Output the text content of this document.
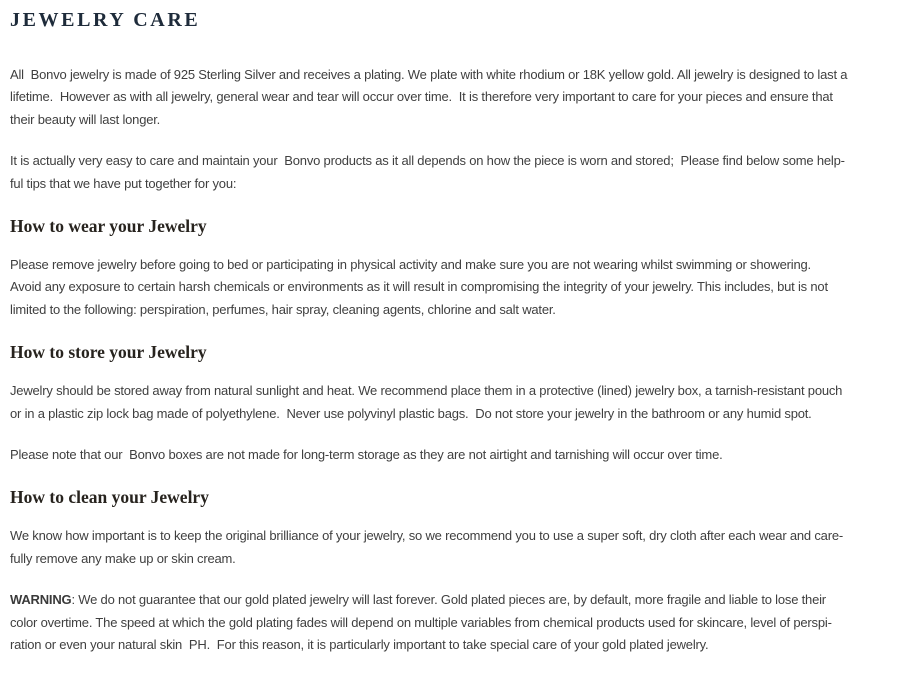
JEWELRY CARE
All  Bonvo jewelry is made of 925 Sterling Silver and receives a plating. We plate with white rhodium or 18K yellow gold. All jewelry is designed to last a
lifetime.  However as with all jewelry, general wear and tear will occur over time.  It is therefore very important to care for your pieces and ensure that
their beauty will last longer.
It is actually very easy to care and maintain your  Bonvo products as it all depends on how the piece is worn and stored;  Please find below some help-
ful tips that we have put together for you:
How to wear your Jewelry
Please remove jewelry before going to bed or participating in physical activity and make sure you are not wearing whilst swimming or showering.
Avoid any exposure to certain harsh chemicals or environments as it will result in compromising the integrity of your jewelry. This includes, but is not
limited to the following: perspiration, perfumes, hair spray, cleaning agents, chlorine and salt water.
How to store your Jewelry
Jewelry should be stored away from natural sunlight and heat. We recommend place them in a protective (lined) jewelry box, a tarnish-resistant pouch
or in a plastic zip lock bag made of polyethylene.  Never use polyvinyl plastic bags.  Do not store your jewelry in the bathroom or any humid spot.
Please note that our  Bonvo boxes are not made for long-term storage as they are not airtight and tarnishing will occur over time.
How to clean your Jewelry
We know how important is to keep the original brilliance of your jewelry, so we recommend you to use a super soft, dry cloth after each wear and care-
fully remove any make up or skin cream.
WARNING: We do not guarantee that our gold plated jewelry will last forever. Gold plated pieces are, by default, more fragile and liable to lose their
color overtime. The speed at which the gold plating fades will depend on multiple variables from chemical products used for skincare, level of perspi-
ration or even your natural skin  PH.  For this reason, it is particularly important to take special care of your gold plated jewelry.
